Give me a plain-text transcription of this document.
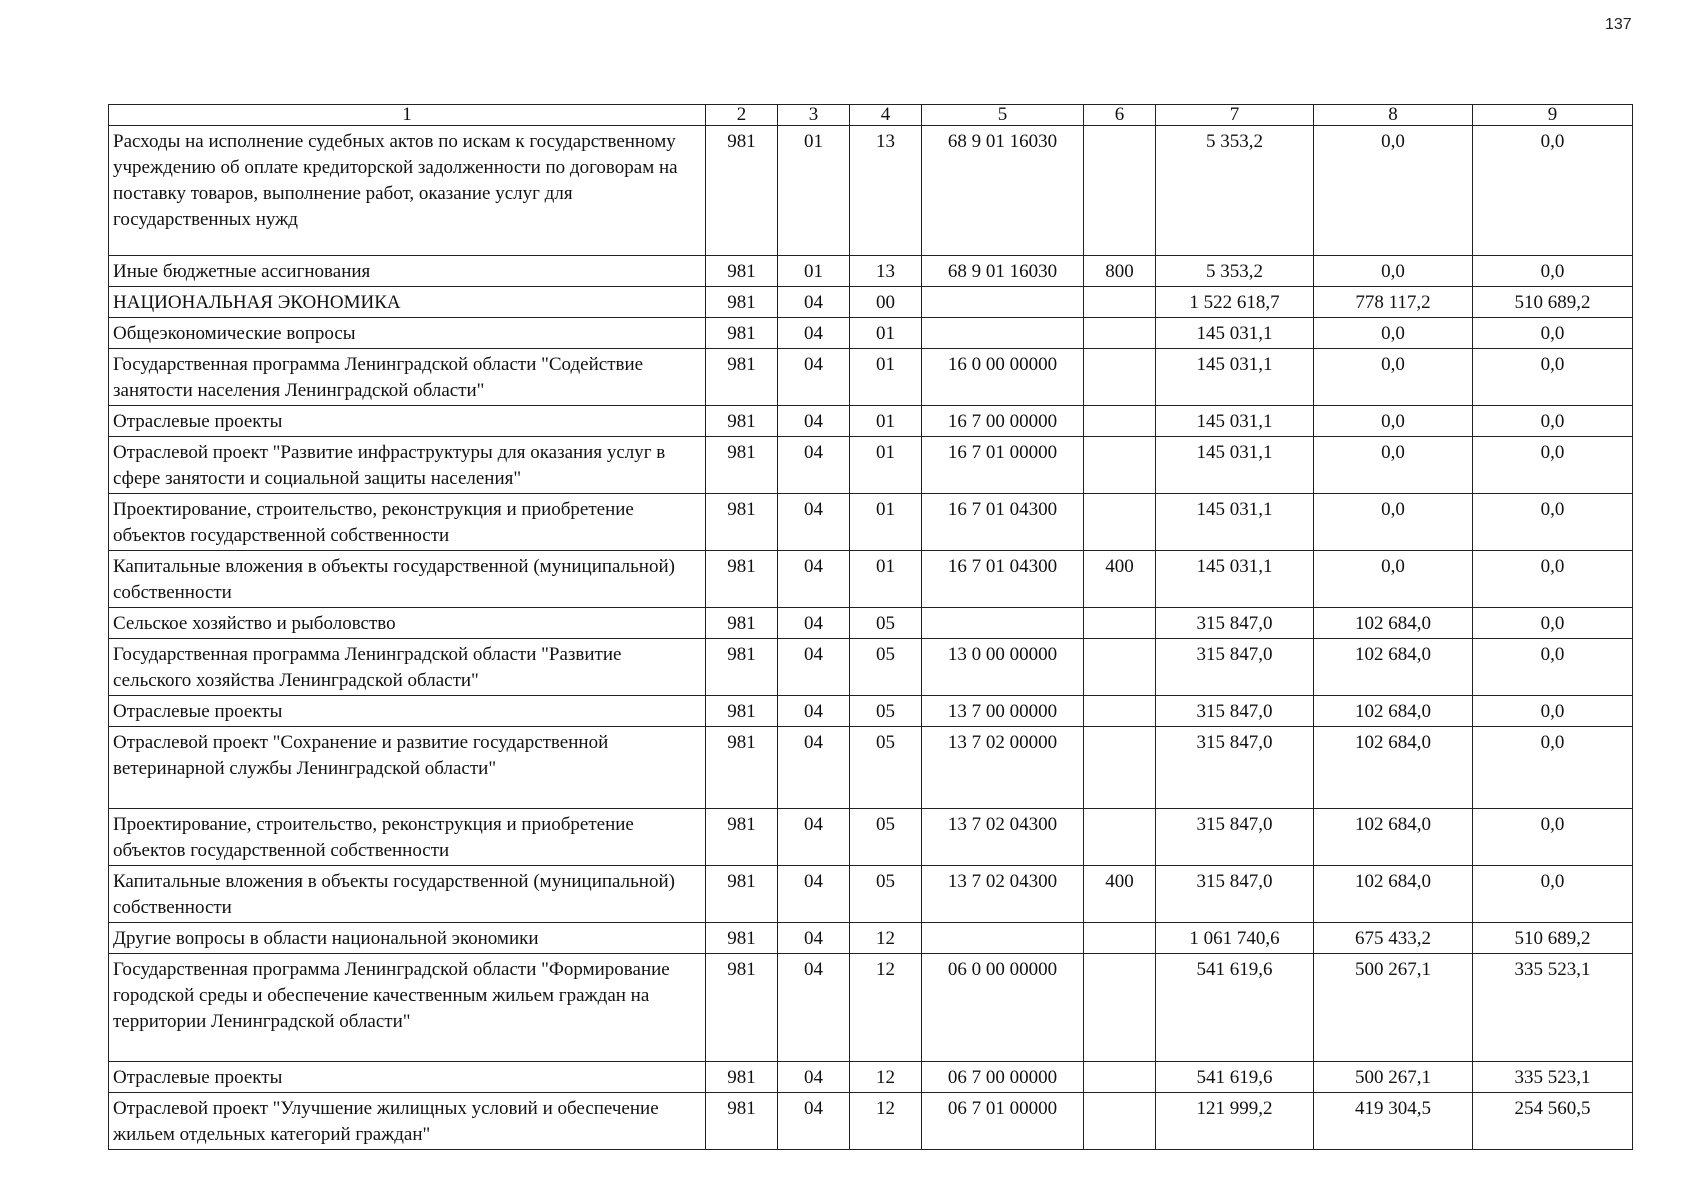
137
1	2	3	4	5	6	7	8	9
Расходы на исполнение судебных актов по искам к государственному учреждению об оплате кредиторской задолженности по договорам на поставку товаров, выполнение работ, оказание услуг для государственных нужд	981	01	13	68 9 01 16030		5 353,2	0,0	0,0
Иные бюджетные ассигнования	981	01	13	68 9 01 16030	800	5 353,2	0,0	0,0
НАЦИОНАЛЬНАЯ ЭКОНОМИКА	981	04	00			1 522 618,7	778 117,2	510 689,2
Общеэкономические вопросы	981	04	01			145 031,1	0,0	0,0
Государственная программа Ленинградской области "Содействие занятости населения Ленинградской области"	981	04	01	16 0 00 00000		145 031,1	0,0	0,0
Отраслевые проекты	981	04	01	16 7 00 00000		145 031,1	0,0	0,0
Отраслевой проект "Развитие инфраструктуры для оказания услуг в сфере занятости и социальной защиты населения"	981	04	01	16 7 01 00000		145 031,1	0,0	0,0
Проектирование, строительство, реконструкция и приобретение объектов государственной собственности	981	04	01	16 7 01 04300		145 031,1	0,0	0,0
Капитальные вложения в объекты государственной (муниципальной) собственности	981	04	01	16 7 01 04300	400	145 031,1	0,0	0,0
Сельское хозяйство и рыболовство	981	04	05			315 847,0	102 684,0	0,0
Государственная программа Ленинградской области "Развитие сельского хозяйства Ленинградской области"	981	04	05	13 0 00 00000		315 847,0	102 684,0	0,0
Отраслевые проекты	981	04	05	13 7 00 00000		315 847,0	102 684,0	0,0
Отраслевой проект "Сохранение и развитие государственной ветеринарной службы Ленинградской области"	981	04	05	13 7 02 00000		315 847,0	102 684,0	0,0
Проектирование, строительство, реконструкция и приобретение объектов государственной собственности	981	04	05	13 7 02 04300		315 847,0	102 684,0	0,0
Капитальные вложения в объекты государственной (муниципальной) собственности	981	04	05	13 7 02 04300	400	315 847,0	102 684,0	0,0
Другие вопросы в области национальной экономики	981	04	12			1 061 740,6	675 433,2	510 689,2
Государственная программа Ленинградской области "Формирование городской среды и обеспечение качественным жильем граждан на территории Ленинградской области"	981	04	12	06 0 00 00000		541 619,6	500 267,1	335 523,1
Отраслевые проекты	981	04	12	06 7 00 00000		541 619,6	500 267,1	335 523,1
Отраслевой проект "Улучшение жилищных условий и обеспечение жильем отдельных категорий граждан"	981	04	12	06 7 01 00000		121 999,2	419 304,5	254 560,5
